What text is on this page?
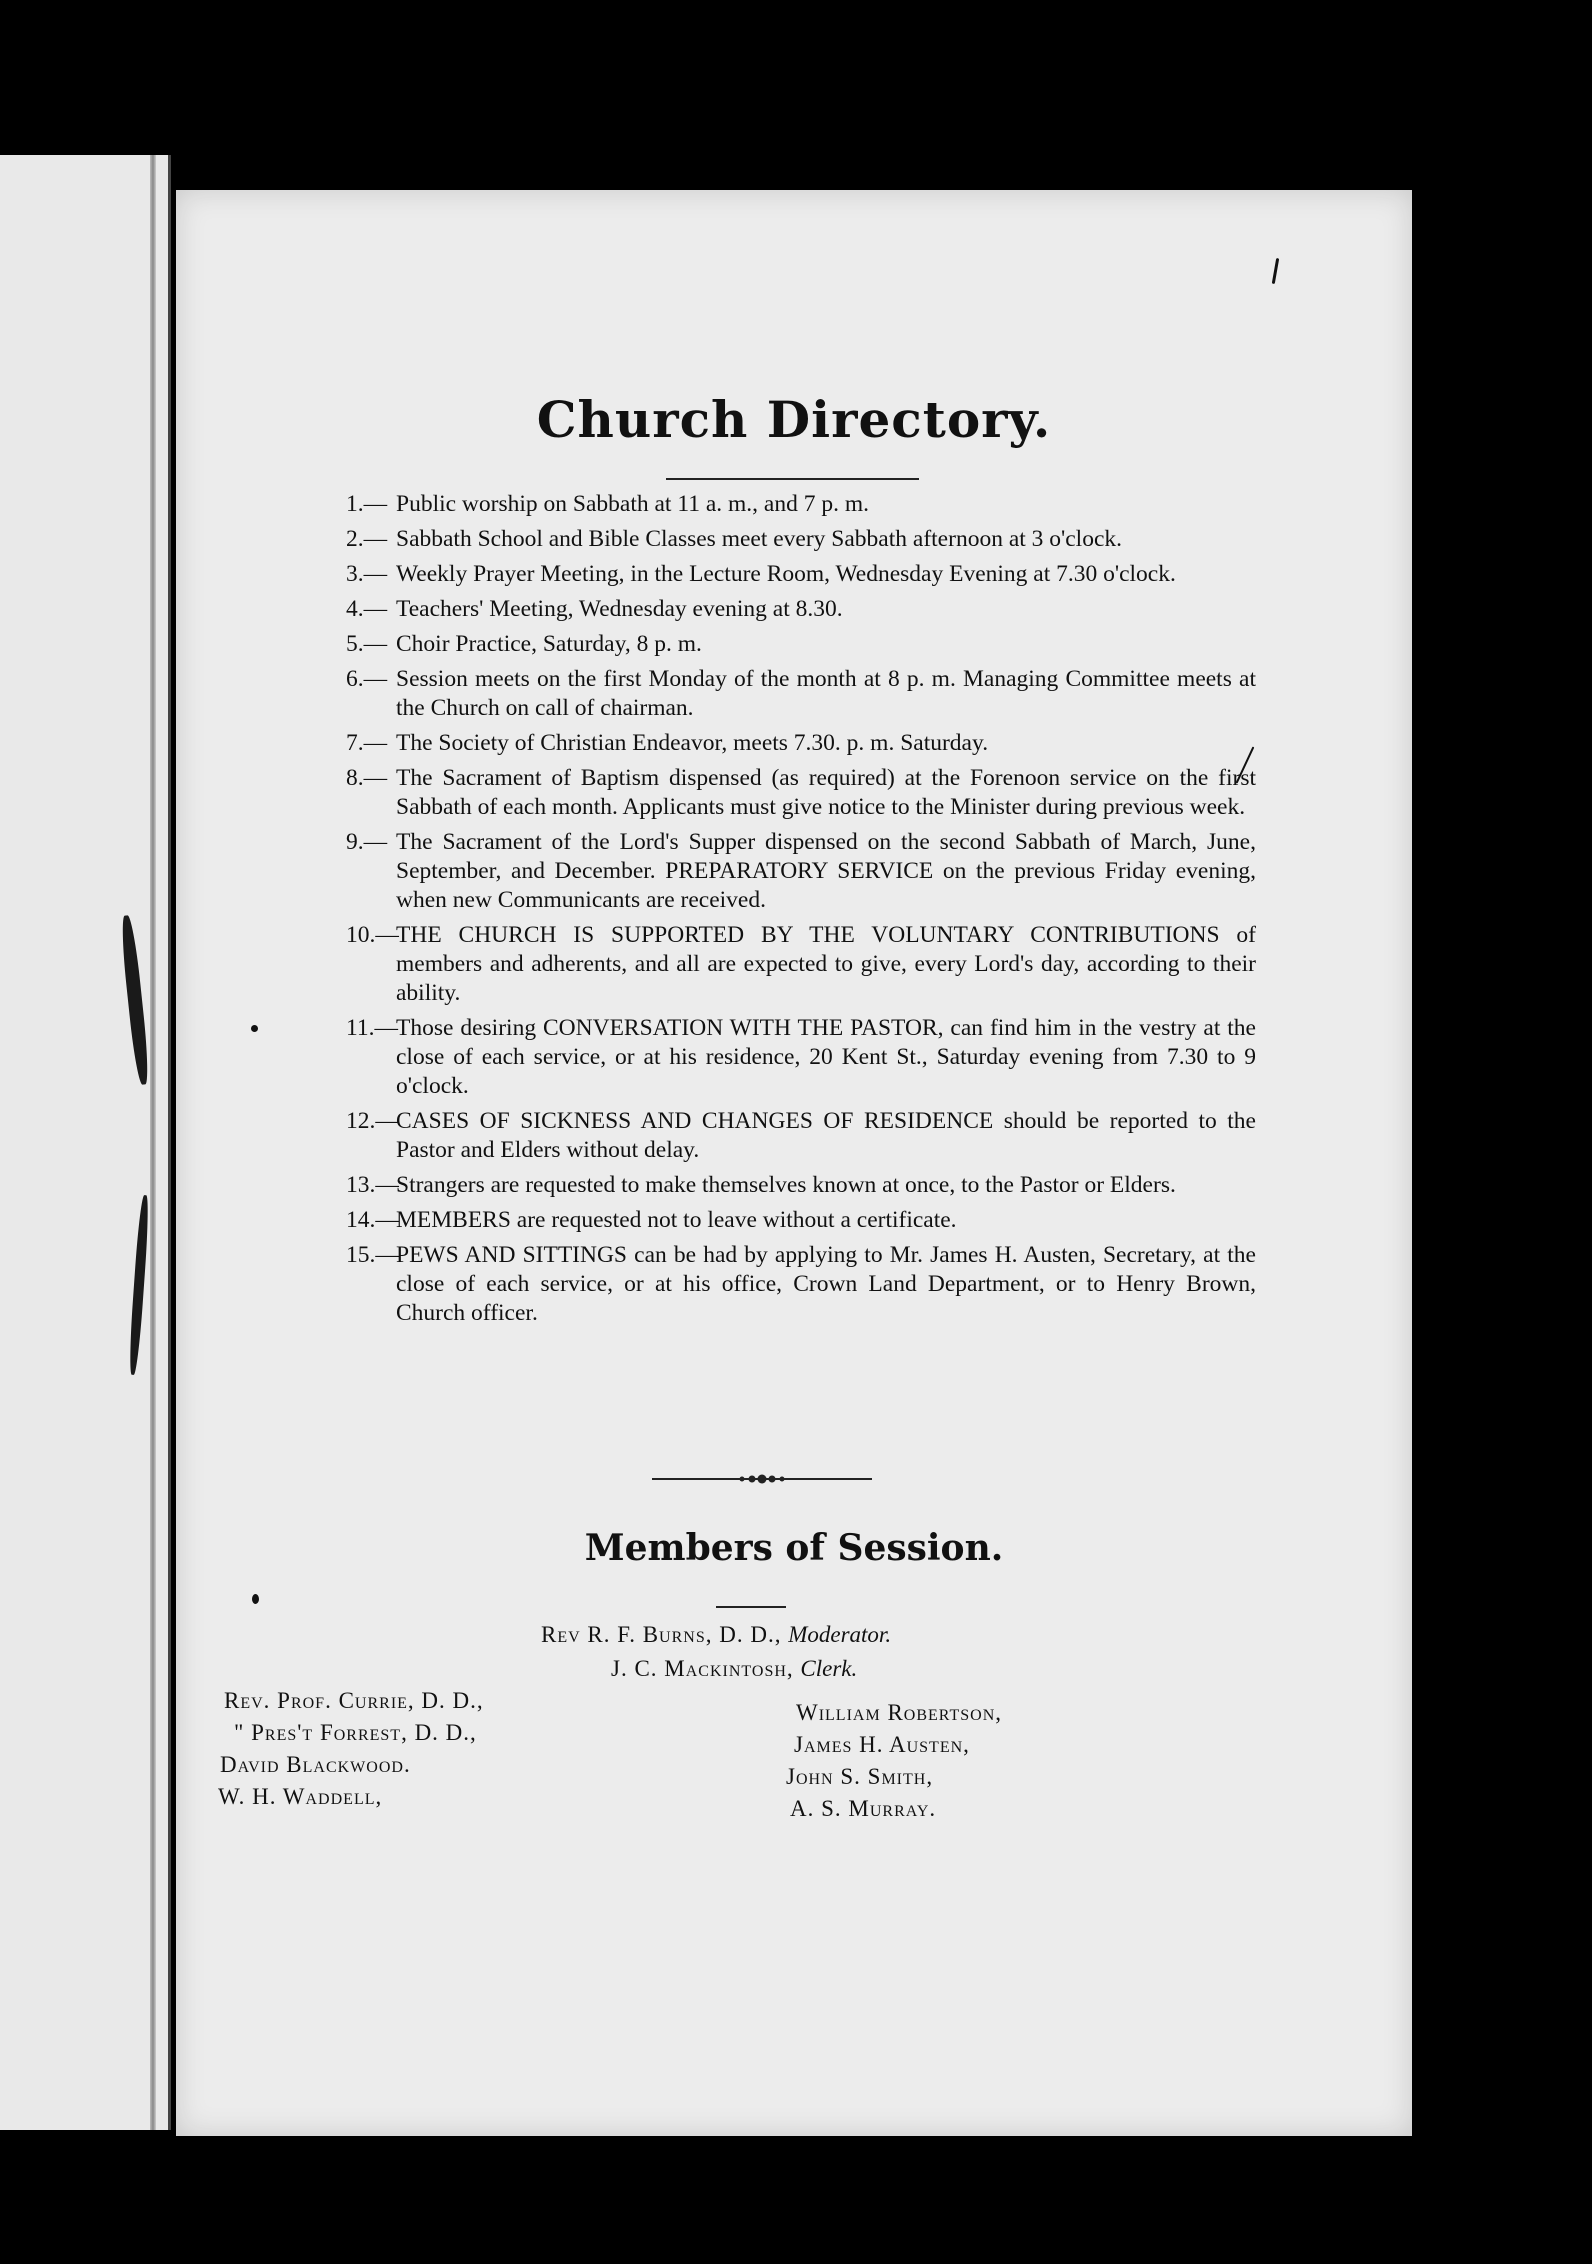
Church Directory.
1.— Public worship on Sabbath at 11 a. m., and 7 p. m.
2.— Sabbath School and Bible Classes meet every Sabbath afternoon at 3 o'clock.
3.— Weekly Prayer Meeting, in the Lecture Room, Wednesday Evening at 7.30 o'clock.
4.— Teachers' Meeting, Wednesday evening at 8.30.
5.— Choir Practice, Saturday, 8 p. m.
6.— Session meets on the first Monday of the month at 8 p. m. Managing Committee meets at the Church on call of chairman.
7.— The Society of Christian Endeavor, meets 7.30. p. m. Saturday.
8.— The Sacrament of Baptism dispensed (as required) at the Forenoon service on the first Sabbath of each month. Applicants must give notice to the Minister during previous week.
9.— The Sacrament of the Lord's Supper dispensed on the second Sabbath of March, June, September, and December. PREPARATORY SERVICE on the previous Friday evening, when new Communicants are received.
10.—
THE CHURCH IS SUPPORTED BY THE VOLUNTARY CONTRIBUTIONS of members and adherents, and all are expected to give, every Lord's day, according to their ability.
11.—
Those desiring CONVERSATION WITH THE PASTOR, can find him in the vestry at the close of each service, or at his residence, 20 Kent St., Saturday evening from 7.30 to 9 o'clock.
12.—
CASES OF SICKNESS AND CHANGES OF RESIDENCE should be reported to the Pastor and Elders without delay.
13.—
Strangers are requested to make themselves known at once, to the Pastor or Elders.
14.—
MEMBERS are requested not to leave without a certificate.
15.—
PEWS AND SITTINGS can be had by applying to Mr. James H. Austen, Secretary, at the close of each service, or at his office, Crown Land Department, or to Henry Brown, Church officer.
Members of Session.
Rev R. F. Burns, D. D., Moderator.
J. C. Mackintosh, Clerk.
Rev. Prof. Currie, D. D.,
" Pres't Forrest, D. D.,
David Blackwood.
W. H. Waddell,
William Robertson,
James H. Austen,
John S. Smith,
A. S. Murray.
